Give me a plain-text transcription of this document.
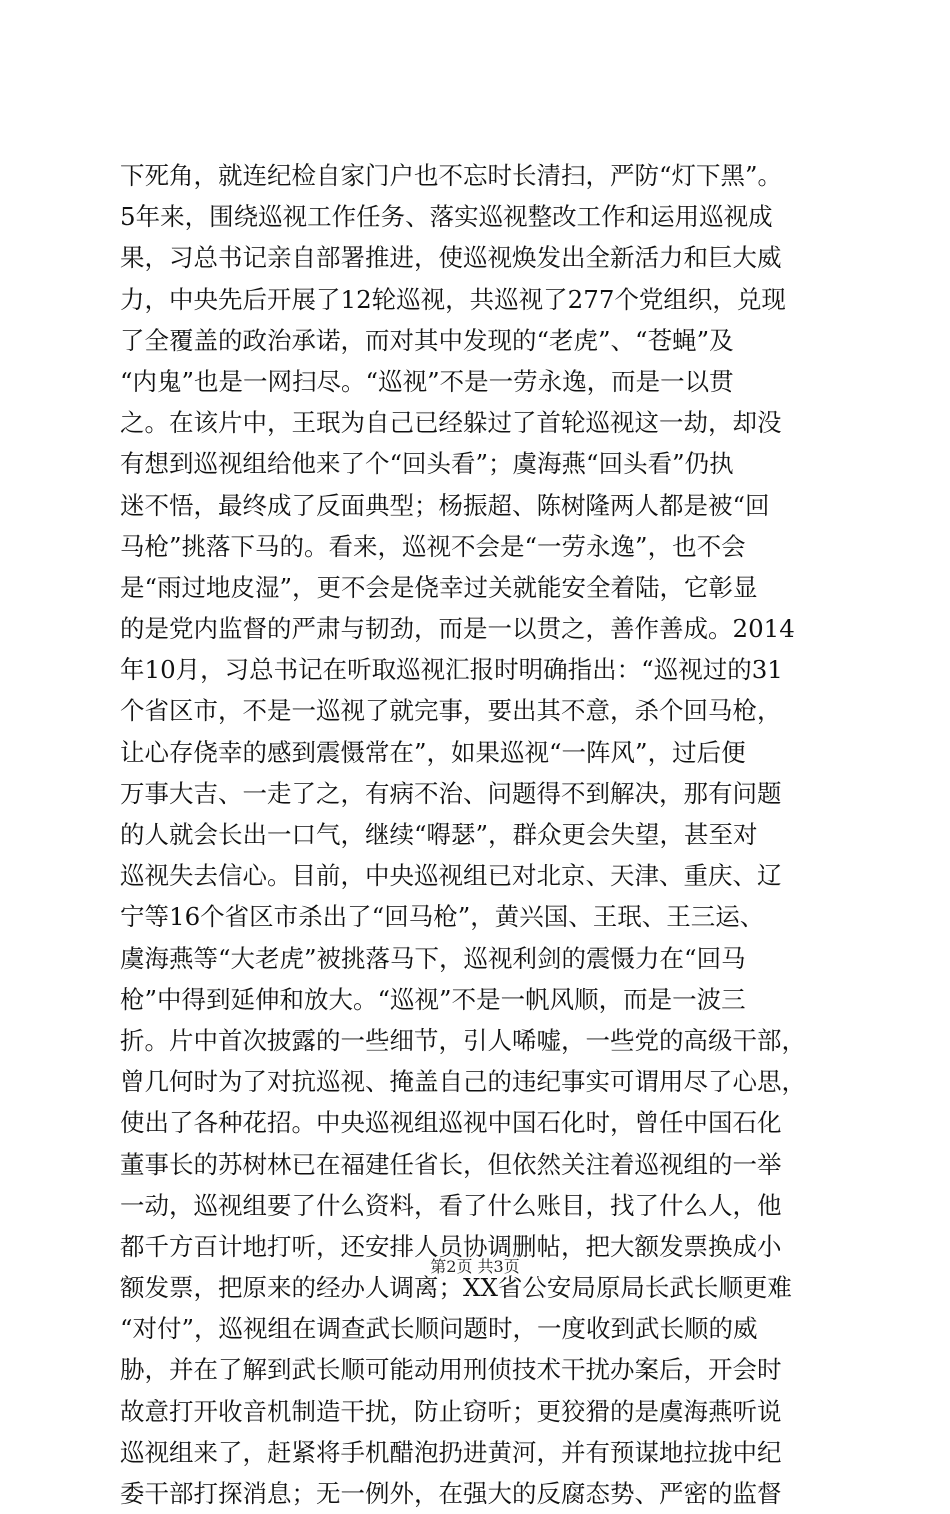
下死角，就连纪检自家门户也不忘时长清扫，严防“灯下黑”。
5年来，围绕巡视工作任务、落实巡视整改工作和运用巡视成
果，习总书记亲自部署推进，使巡视焕发出全新活力和巨大威
力，中央先后开展了12轮巡视，共巡视了277个党组织，兑现
了全覆盖的政治承诺，而对其中发现的“老虎”、“苍蝇”及
“内鬼”也是一网扫尽。“巡视”不是一劳永逸，而是一以贯
之。在该片中，王珉为自己已经躲过了首轮巡视这一劫，却没
有想到巡视组给他来了个“回头看”；虞海燕“回头看”仍执
迷不悟，最终成了反面典型；杨振超、陈树隆两人都是被“回
马枪”挑落下马的。看来，巡视不会是“一劳永逸”，也不会
是“雨过地皮湿”，更不会是侥幸过关就能安全着陆，它彰显
的是党内监督的严肃与韧劲，而是一以贯之，善作善成。2014
年10月，习总书记在听取巡视汇报时明确指出：“巡视过的31
个省区市，不是一巡视了就完事，要出其不意，杀个回马枪，
让心存侥幸的感到震慑常在”，如果巡视“一阵风”，过后便
万事大吉、一走了之，有病不治、问题得不到解决，那有问题
的人就会长出一口气，继续“嘚瑟”，群众更会失望，甚至对
巡视失去信心。目前，中央巡视组已对北京、天津、重庆、辽
宁等16个省区市杀出了“回马枪”，黄兴国、王珉、王三运、
虞海燕等“大老虎”被挑落马下，巡视利剑的震慑力在“回马
枪”中得到延伸和放大。“巡视”不是一帆风顺，而是一波三
折。片中首次披露的一些细节，引人唏嘘，一些党的高级干部，
曾几何时为了对抗巡视、掩盖自己的违纪事实可谓用尽了心思，
使出了各种花招。中央巡视组巡视中国石化时，曾任中国石化
董事长的苏树林已在福建任省长，但依然关注着巡视组的一举
一动，巡视组要了什么资料，看了什么账目，找了什么人，他
都千方百计地打听，还安排人员协调删帖，把大额发票换成小
额发票，把原来的经办人调离；XX省公安局原局长武长顺更难
“对付”，巡视组在调查武长顺问题时，一度收到武长顺的威
胁，并在了解到武长顺可能动用刑侦技术干扰办案后，开会时
故意打开收音机制造干扰，防止窃听；更狡猾的是虞海燕听说
巡视组来了，赶紧将手机醋泡扔进黄河，并有预谋地拉拢中纪
委干部打探消息；无一例外，在强大的反腐态势、严密的监督
第2页 共3页
